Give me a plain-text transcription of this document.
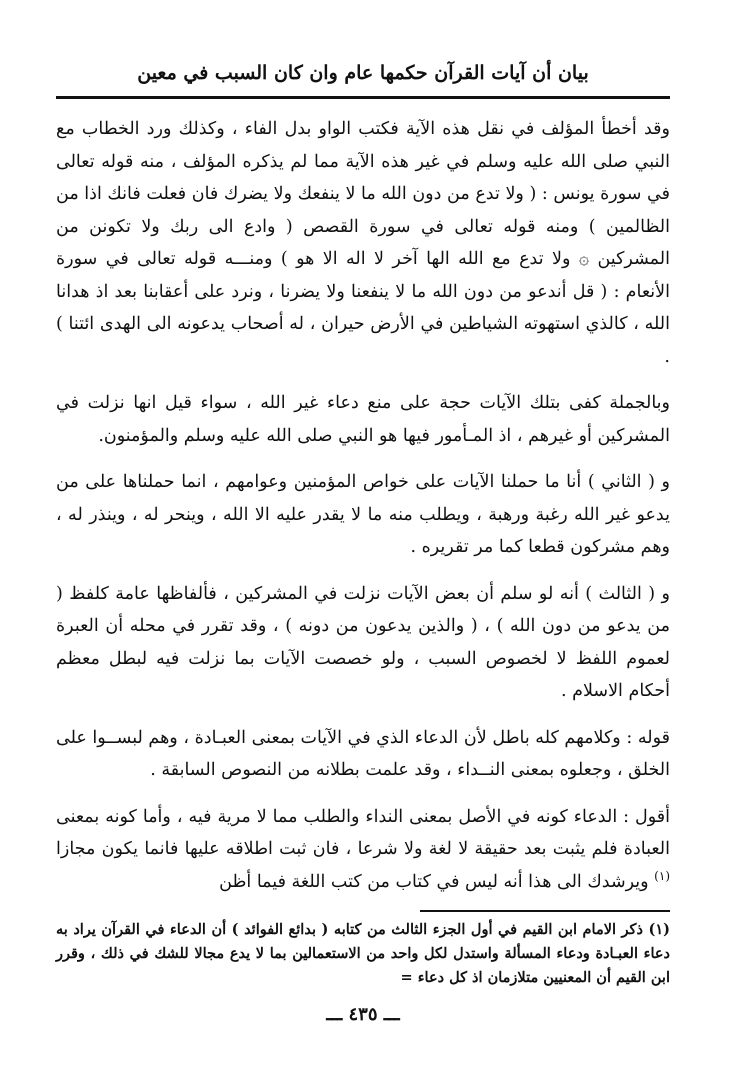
بيان أن آيات القرآن حكمها عام وان كان السبب في معين

وقد أخطأ المؤلف في نقل هذه الآية فكتب الواو بدل الفاء ، وكذلك ورد الخطاب مع النبي صلى الله عليه وسلم في غير هذه الآية مما لم يذكره المؤلف ، منه قوله تعالى في سورة يونس : ( ولا تدع من دون الله ما لا ينفعك ولا يضرك فان فعلت فانك اذا من الظالمين ) ومنه قوله تعالى في سورة القصص ( وادع الى ربك ولا تكونن من المشركين ۞ ولا تدع مع الله الها آخر لا اله الا هو ) ومنـــه قوله تعالى في سورة الأنعام : ( قل أندعو من دون الله ما لا ينفعنا ولا يضرنا ، ونرد على أعقابنا بعد اذ هدانا الله ، كالذي استهوته الشياطين في الأرض حيران ، له أصحاب يدعونه الى الهدى ائتنا ) .

وبالجملة كفى بتلك الآيات حجة على منع دعاء غير الله ، سواء قيل انها نزلت في المشركين أو غيرهم ، اذ المـأمور فيها هو النبي صلى الله عليه وسلم والمؤمنون.

و ( الثاني ) أنا ما حملنا الآيات على خواص المؤمنين وعوامهم ، انما حملناها على من يدعو غير الله رغبة ورهبة ، ويطلب منه ما لا يقدر عليه الا الله ، وينحر له ، وينذر له ، وهم مشركون قطعا كما مر تقريره .

و ( الثالث ) أنه لو سلم أن بعض الآيات نزلت في المشركين ، فألفاظها عامة كلفظ ( من يدعو من دون الله ) ، ( والذين يدعون من دونه ) ، وقد تقرر في محله أن العبرة لعموم اللفظ لا لخصوص السبب ، ولو خصصت الآيات بما نزلت فيه لبطل معظم أحكام الاسلام .

قوله : وكلامهم كله باطل لأن الدعاء الذي في الآيات بمعنى العبـادة ، وهم لبســوا على الخلق ، وجعلوه بمعنى النــداء ، وقد علمت بطلانه من النصوص السابقة .

أقول : الدعاء كونه في الأصل بمعنى النداء والطلب مما لا مرية فيه ، وأما كونه بمعنى العبادة فلم يثبت بعد حقيقة لا لغة ولا شرعا ، فان ثبت اطلاقه عليها فانما يكون مجازا $^{(١)}$ ويرشدك الى هذا أنه ليس في كتاب من كتب اللغة فيما أظن

(١) ذكر الامام ابن القيم في أول الجزء الثالث من كتابه ( بدائع الفوائد ) أن الدعاء في القرآن يراد به دعاء العبـادة ودعاء المسألة واستدل لكل واحد من الاستعمالين بما لا يدع مجالا للشك في ذلك ، وقرر ابن القيم أن المعنيين متلازمان اذ كل دعاء =
ـــ ٤٣٥ ـــ
